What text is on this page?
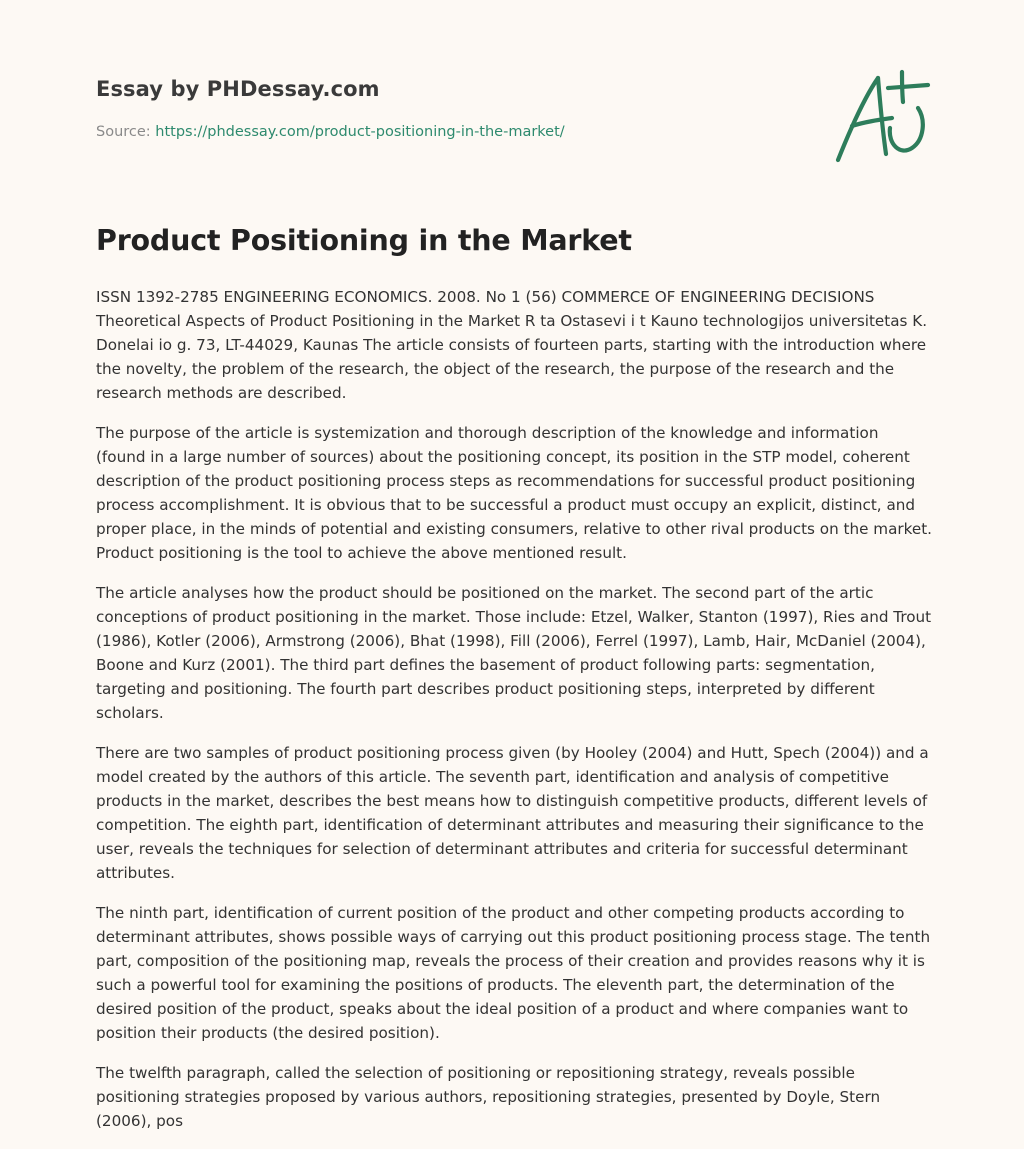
Essay by PHDessay.com
Source: https://phdessay.com/product-positioning-in-the-market/
Product Positioning in the Market

ISSN 1392-2785 ENGINEERING ECONOMICS. 2008. No 1 (56) COMMERCE OF ENGINEERING DECISIONS Theoretical Aspects of Product Positioning in the Market R ta Ostasevi i t Kauno technologijos universitetas K. Donelai io g. 73, LT-44029, Kaunas The article consists of fourteen parts, starting with the introduction where the novelty, the problem of the research, the object of the research, the purpose of the research and the research methods are described.

The purpose of the article is systemization and thorough description of the knowledge and information (found in a large number of sources) about the positioning concept, its position in the STP model, coherent description of the product positioning process steps as recommendations for successful product positioning process accomplishment. It is obvious that to be successful a product must occupy an explicit, distinct, and proper place, in the minds of potential and existing consumers, relative to other rival products on the market. Product positioning is the tool to achieve the above mentioned result.

The article analyses how the product should be positioned on the market. The second part of the artic conceptions of product positioning in the market. Those include: Etzel, Walker, Stanton (1997), Ries and Trout (1986), Kotler (2006), Armstrong (2006), Bhat (1998), Fill (2006), Ferrel (1997), Lamb, Hair, McDaniel (2004), Boone and Kurz (2001). The third part defines the basement of product following parts: segmentation, targeting and positioning. The fourth part describes product positioning steps, interpreted by different scholars.

There are two samples of product positioning process given (by Hooley (2004) and Hutt, Spech (2004)) and a model created by the authors of this article. The seventh part, identification and analysis of competitive products in the market, describes the best means how to distinguish competitive products, different levels of competition. The eighth part, identification of determinant attributes and measuring their significance to the user, reveals the techniques for selection of determinant attributes and criteria for successful determinant attributes.

The ninth part, identification of current position of the product and other competing products according to determinant attributes, shows possible ways of carrying out this product positioning process stage. The tenth part, composition of the positioning map, reveals the process of their creation and provides reasons why it is such a powerful tool for examining the positions of products. The eleventh part, the determination of the desired position of the product, speaks about the ideal position of a product and where companies want to position their products (the desired position).

The twelfth paragraph, called the selection of positioning or repositioning strategy, reveals possible positioning strategies proposed by various authors, repositioning strategies, presented by Doyle, Stern (2006), pos
